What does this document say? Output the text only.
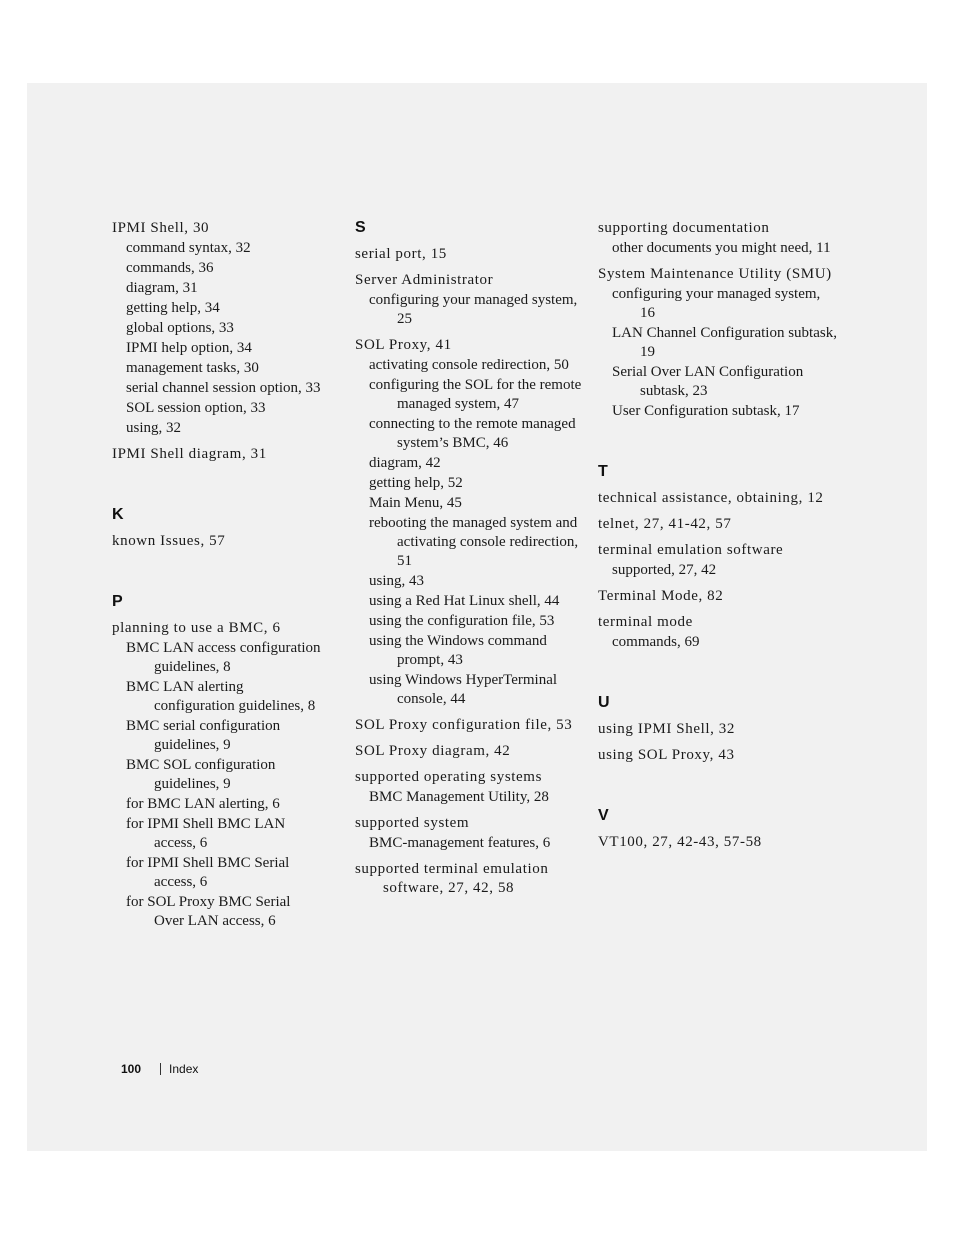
IPMI Shell, 30
command syntax, 32
commands, 36
diagram, 31
getting help, 34
global options, 33
IPMI help option, 34
management tasks, 30
serial channel session option, 33
SOL session option, 33
using, 32
IPMI Shell diagram, 31
K
known Issues, 57
P
planning to use a BMC, 6
BMC LAN access configuration guidelines, 8
BMC LAN alerting configuration guidelines, 8
BMC serial configuration guidelines, 9
BMC SOL configuration guidelines, 9
for BMC LAN alerting, 6
for IPMI Shell BMC LAN access, 6
for IPMI Shell BMC Serial access, 6
for SOL Proxy BMC Serial Over LAN access, 6
S
serial port, 15
Server Administrator
configuring your managed system, 25
SOL Proxy, 41
activating console redirection, 50
configuring the SOL for the remote managed system, 47
connecting to the remote managed system’s BMC, 46
diagram, 42
getting help, 52
Main Menu, 45
rebooting the managed system and activating console redirection, 51
using, 43
using a Red Hat Linux shell, 44
using the configuration file, 53
using the Windows command prompt, 43
using Windows HyperTerminal console, 44
SOL Proxy configuration file, 53
SOL Proxy diagram, 42
supported operating systems
BMC Management Utility, 28
supported system
BMC-management features, 6
supported terminal emulation software, 27, 42, 58
supporting documentation
other documents you might need, 11
System Maintenance Utility (SMU)
configuring your managed system, 16
LAN Channel Configuration subtask, 19
Serial Over LAN Configuration subtask, 23
User Configuration subtask, 17
T
technical assistance, obtaining, 12
telnet, 27, 41-42, 57
terminal emulation software
supported, 27, 42
Terminal Mode, 82
terminal mode
commands, 69
U
using IPMI Shell, 32
using SOL Proxy, 43
V
VT100, 27, 42-43, 57-58
100 Index
